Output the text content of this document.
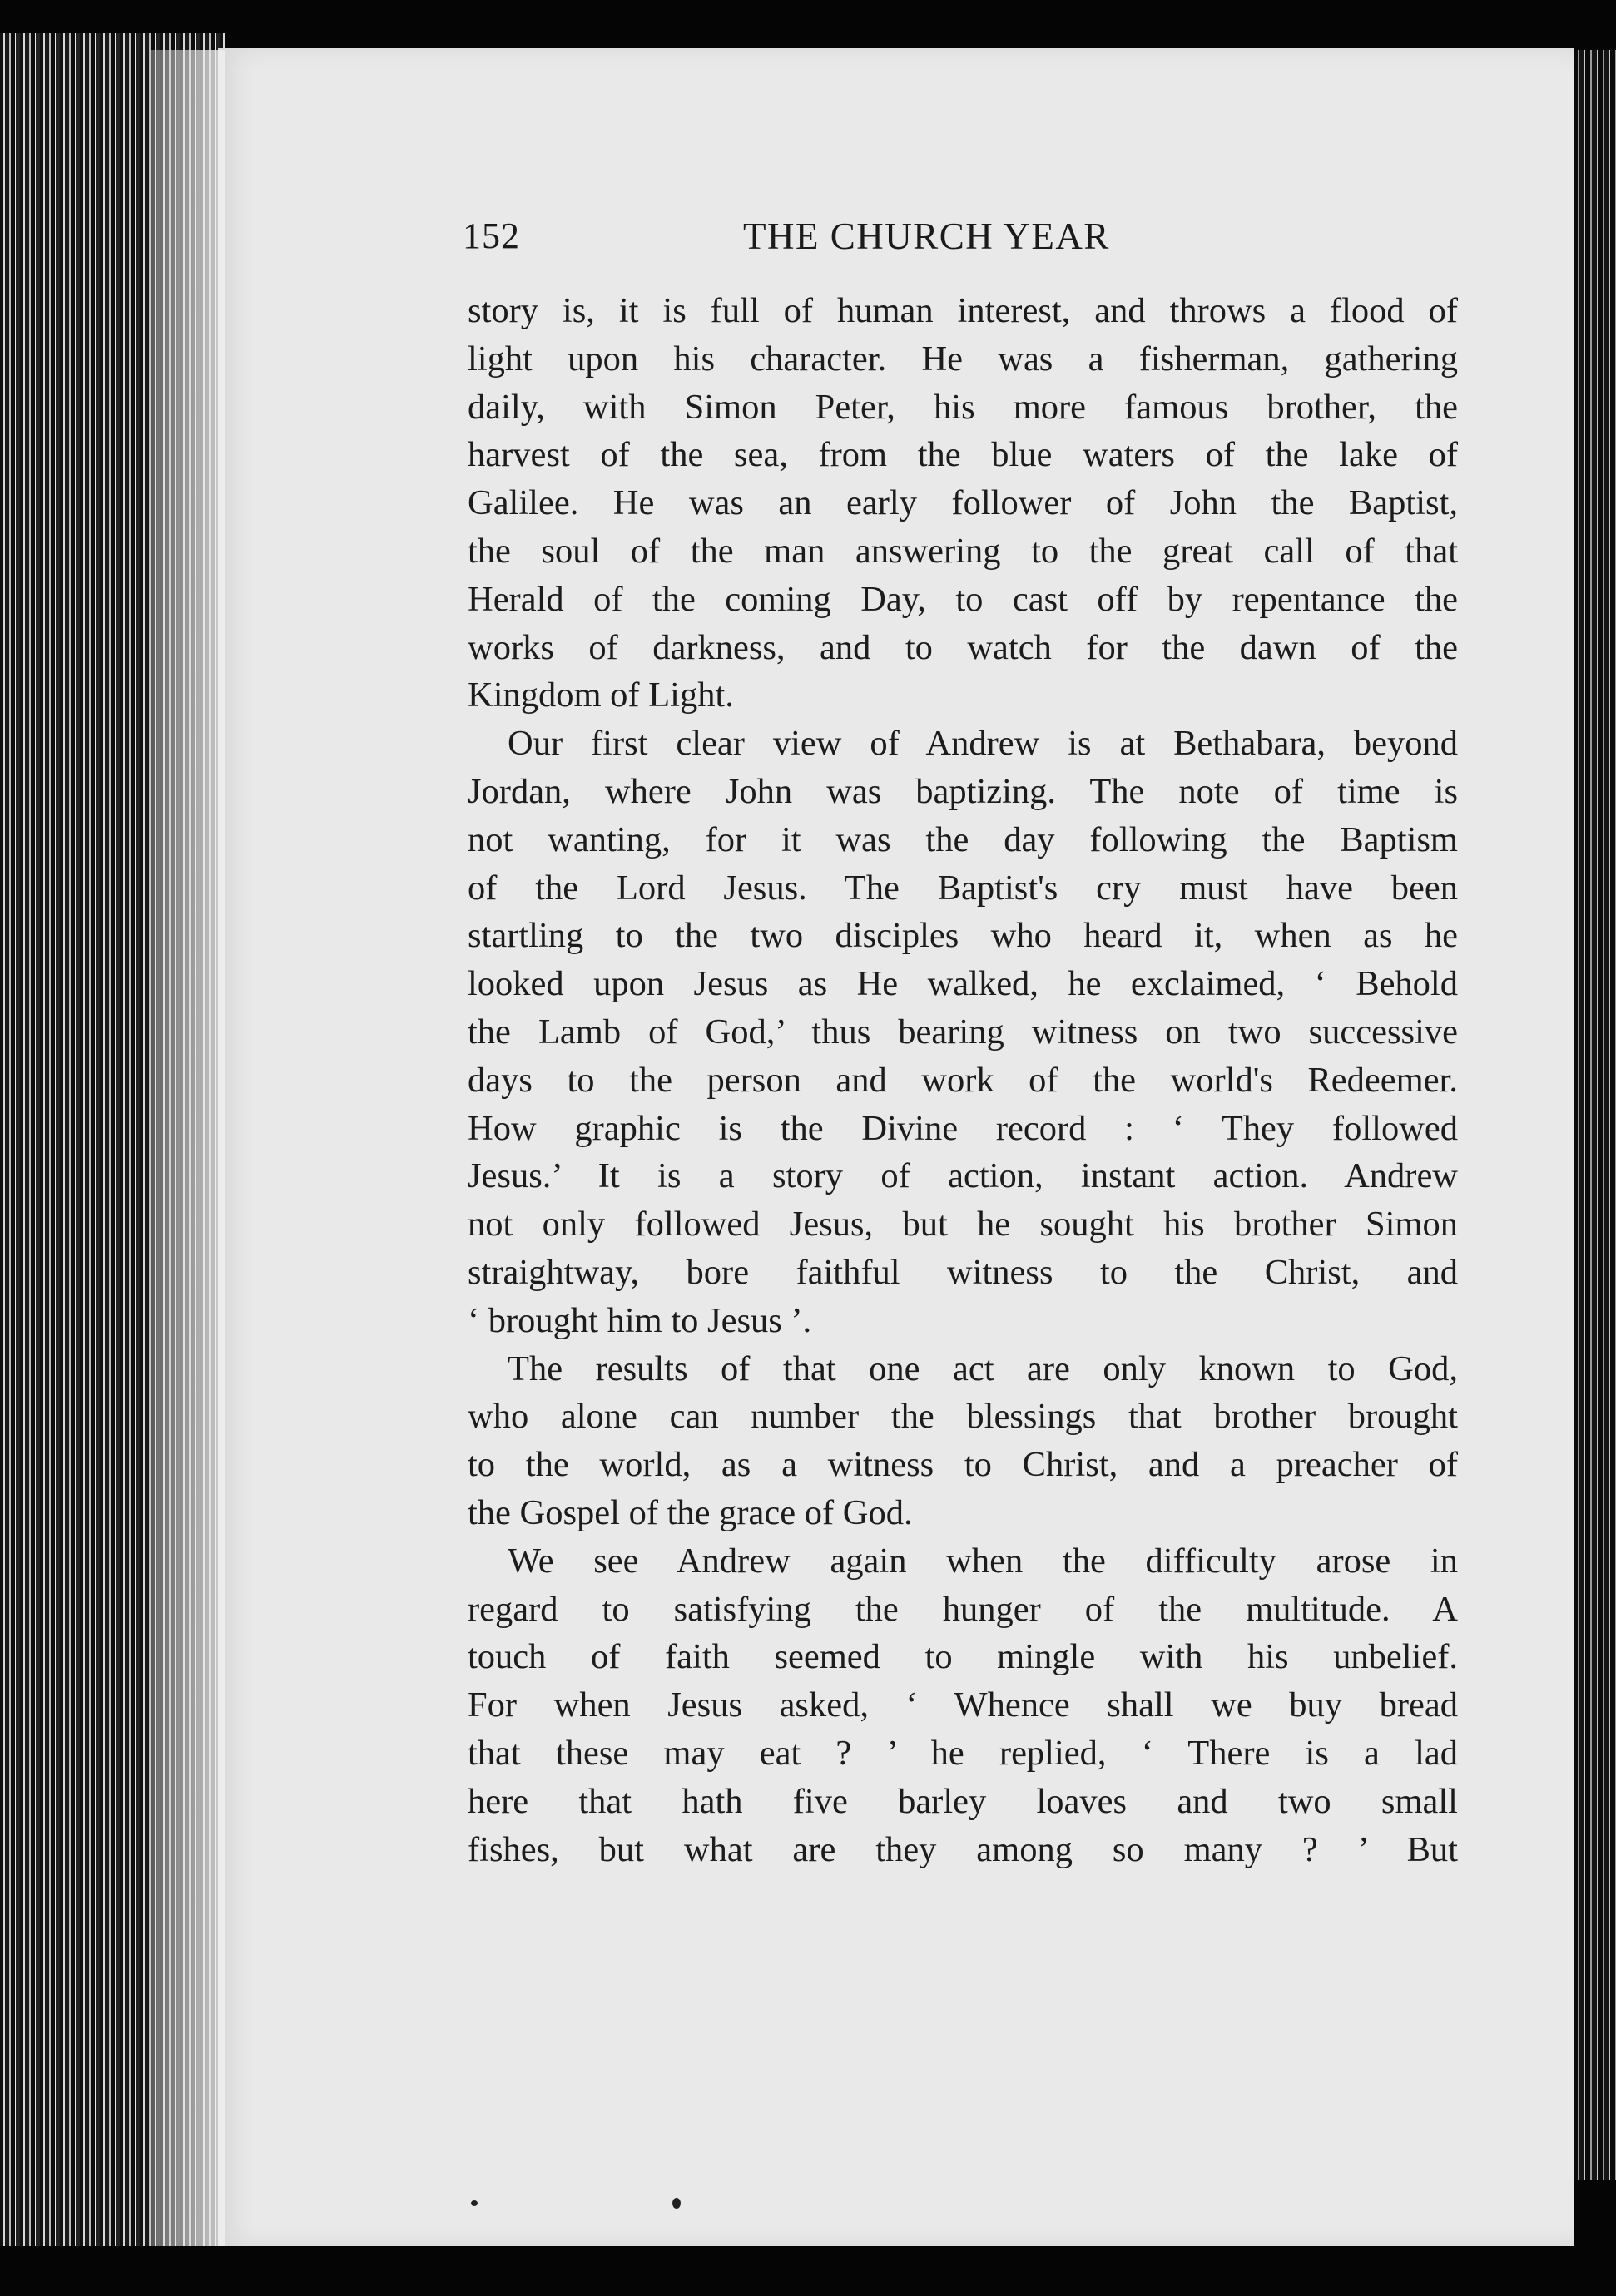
152	THE CHURCH YEAR
story is, it is full of human interest, and throws a flood of
light upon his character. He was a fisherman, gathering
daily, with Simon Peter, his more famous brother, the
harvest of the sea, from the blue waters of the lake of
Galilee. He was an early follower of John the Baptist,
the soul of the man answering to the great call of that
Herald of the coming Day, to cast off by repentance the
works of darkness, and to watch for the dawn of the
Kingdom of Light.
Our first clear view of Andrew is at Bethabara, beyond
Jordan, where John was baptizing. The note of time is
not wanting, for it was the day following the Baptism
of the Lord Jesus. The Baptist's cry must have been
startling to the two disciples who heard it, when as he
looked upon Jesus as He walked, he exclaimed, ‘ Behold
the Lamb of God,’ thus bearing witness on two successive
days to the person and work of the world's Redeemer.
How graphic is the Divine record : ‘ They followed
Jesus.’ It is a story of action, instant action. Andrew
not only followed Jesus, but he sought his brother Simon
straightway, bore faithful witness to the Christ, and
‘ brought him to Jesus ’.
The results of that one act are only known to God,
who alone can number the blessings that brother brought
to the world, as a witness to Christ, and a preacher of
the Gospel of the grace of God.
We see Andrew again when the difficulty arose in
regard to satisfying the hunger of the multitude. A
touch of faith seemed to mingle with his unbelief.
For when Jesus asked, ‘ Whence shall we buy bread
that these may eat ? ’ he replied, ‘ There is a lad
here that hath five barley loaves and two small
fishes, but what are they among so many ? ’ But
